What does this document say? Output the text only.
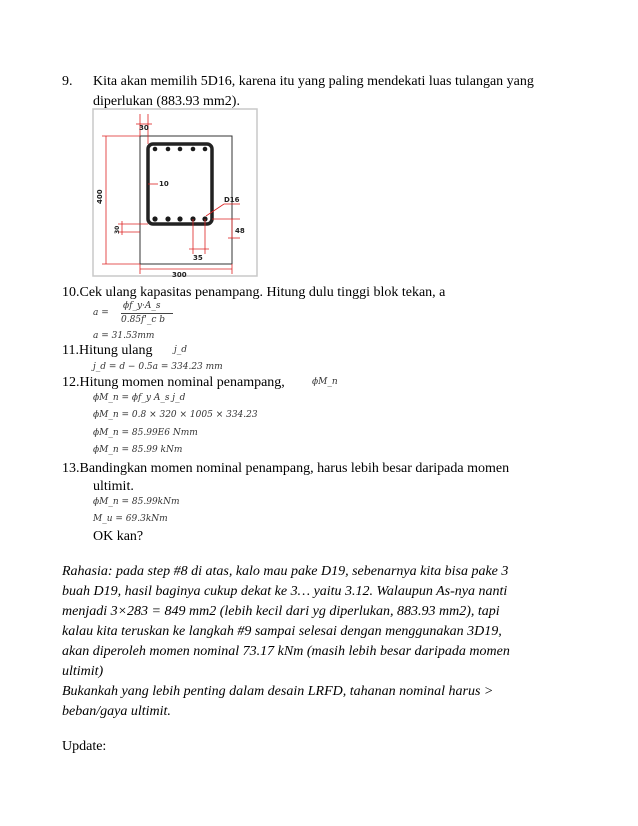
9. Kita akan memilih 5D16, karena itu yang paling mendekati luas tulangan yang
diperlukan (883.93 mm2).
30
400
10
30
D16
48
35
300
10.Cek ulang kapasitas penampang. Hitung dulu tinggi blok tekan, a
a =
ϕf_y·A_s
0.85f'_c b
a = 31.53mm
11.Hitung ulang j_d
j_d = d − 0.5a = 334.23 mm
12.Hitung momen nominal penampang,	ϕM_n
ϕM_n = ϕf_y A_s j_d
ϕM_n = 0.8 × 320 × 1005 × 334.23
ϕM_n = 85.99E6 Nmm
ϕM_n = 85.99 kNm
13.Bandingkan momen nominal penampang, harus lebih besar daripada momen
ultimit.
ϕM_n = 85.99kNm
M_u = 69.3kNm
OK kan?
Rahasia: pada step #8 di atas, kalo mau pake D19, sebenarnya kita bisa pake 3
buah D19, hasil baginya cukup dekat ke 3… yaitu 3.12. Walaupun As-nya nanti
menjadi 3×283 = 849 mm2 (lebih kecil dari yg diperlukan, 883.93 mm2), tapi
kalau kita teruskan ke langkah #9 sampai selesai dengan menggunakan 3D19,
akan diperoleh momen nominal 73.17 kNm (masih lebih besar daripada momen
ultimit)
Bukankah yang lebih penting dalam desain LRFD, tahanan nominal harus >
beban/gaya ultimit.
Update:
